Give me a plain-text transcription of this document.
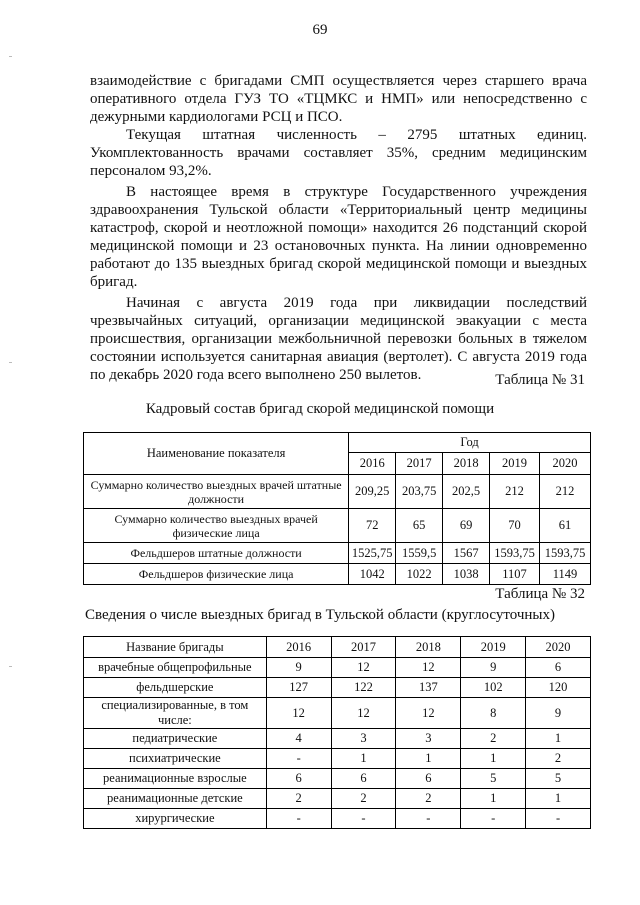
69

взаимодействие с бригадами СМП осуществляется через старшего врача оперативного отдела ГУЗ ТО «ТЦМКС и НМП» или непосредственно с дежурными кардиологами РСЦ и ПСО.

Текущая штатная численность – 2795 штатных единиц. Укомплектованность врачами составляет 35%, средним медицинским персоналом 93,2%.

В настоящее время в структуре Государственного учреждения здравоохранения Тульской области «Территориальный центр медицины катастроф, скорой и неотложной помощи» находится 26 подстанций скорой медицинской помощи и 23 остановочных пункта. На линии одновременно работают до 135 выездных бригад скорой медицинской помощи и выездных бригад.

Начиная с августа 2019 года при ликвидации последствий чрезвычайных ситуаций, организации медицинской эвакуации с места происшествия, организации межбольничной перевозки больных в тяжелом состоянии используется санитарная авиация (вертолет). С августа 2019 года по декабрь 2020 года всего выполнено 250 вылетов.	Таблица № 31
Кадровый состав бригад скорой медицинской помощи
Наименование показателя	Год				
	2016	2017	2018	2019	2020
Суммарно количество выездных врачей штатные должности	209,25	203,75	202,5	212	212
Суммарно количество выездных врачей физические лица	72	65	69	70	61
Фельдшеров штатные должности	1525,75	1559,5	1567	1593,75	1593,75
Фельдшеров физические лица	1042	1022	1038	1107	1149
Таблица № 32
Сведения о числе выездных бригад в Тульской области (круглосуточных)
Название бригады	2016	2017	2018	2019	2020
врачебные общепрофильные	9	12	12	9	6
фельдшерские	127	122	137	102	120
специализированные, в том числе:	12	12	12	8	9
педиатрические	4	3	3	2	1
психиатрические	-	1	1	1	2
реанимационные взрослые	6	6	6	5	5
реанимационные детские	2	2	2	1	1
хирургические	-	-	-	-	-
